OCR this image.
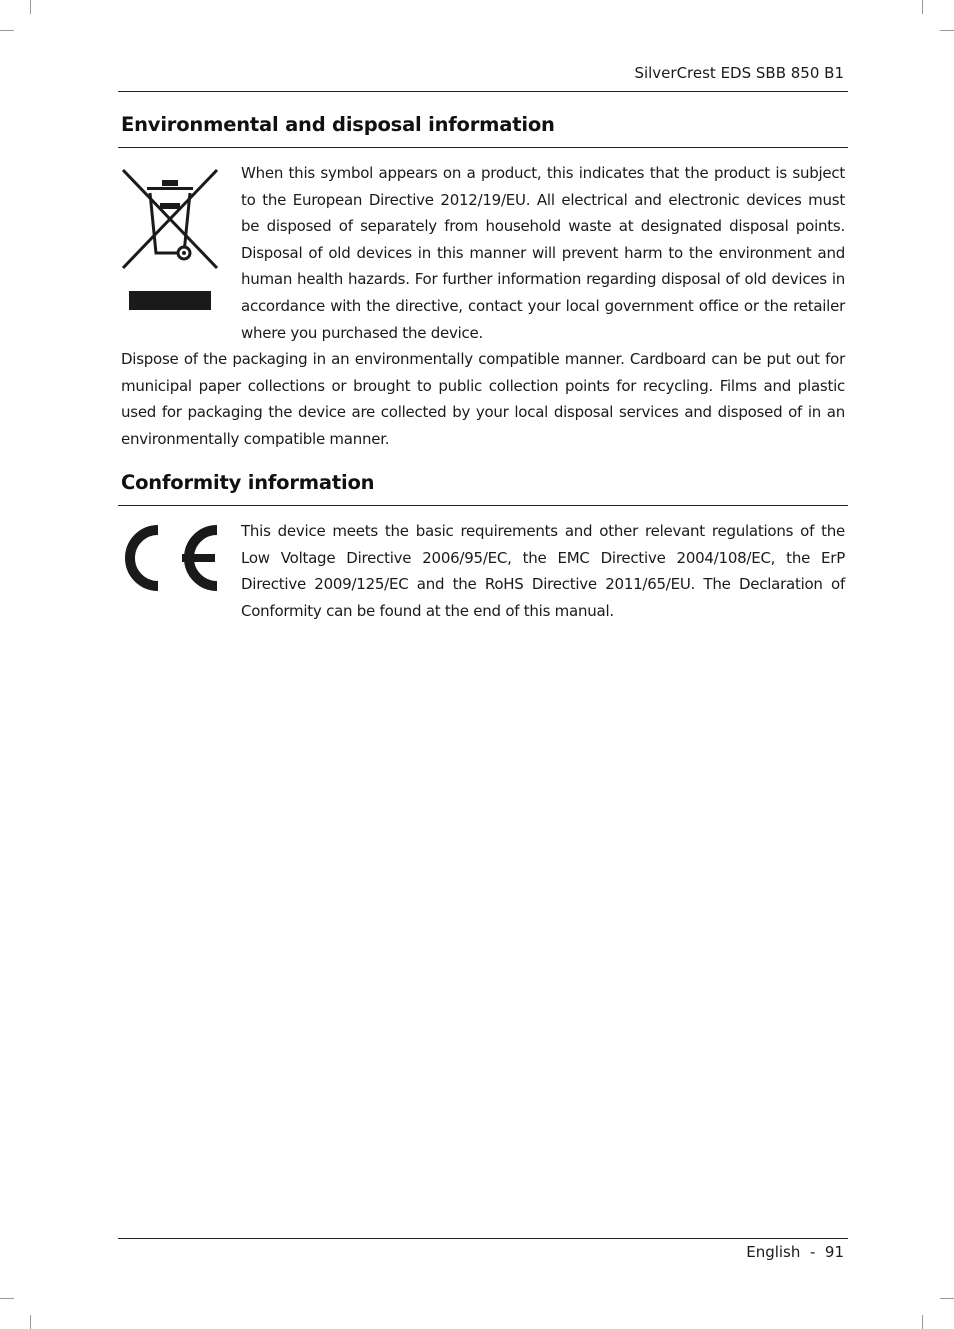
SilverCrest EDS SBB 850 B1
Environmental and disposal information

When this symbol appears on a product, this indicates that the product is subject to the European Directive 2012/19/EU. All electrical and electronic devices must be disposed of separately from household waste at designated disposal points. Disposal of old devices in this manner will prevent harm to the environment and human health hazards. For further information regarding disposal of old devices in accordance with the directive, contact your local government office or the retailer where you purchased the device.

Dispose of the packaging in an environmentally compatible manner. Cardboard can be put out for municipal paper collections or brought to public collection points for recycling. Films and plastic used for packaging the device are collected by your local disposal services and disposed of in an environmentally compatible manner.

Conformity information

This device meets the basic requirements and other relevant regulations of the Low Voltage Directive 2006/95/EC, the EMC Directive 2004/108/EC, the ErP Directive 2009/125/EC and the RoHS Directive 2011/65/EU. The Declaration of Conformity can be found at the end of this manual.

English - 91
